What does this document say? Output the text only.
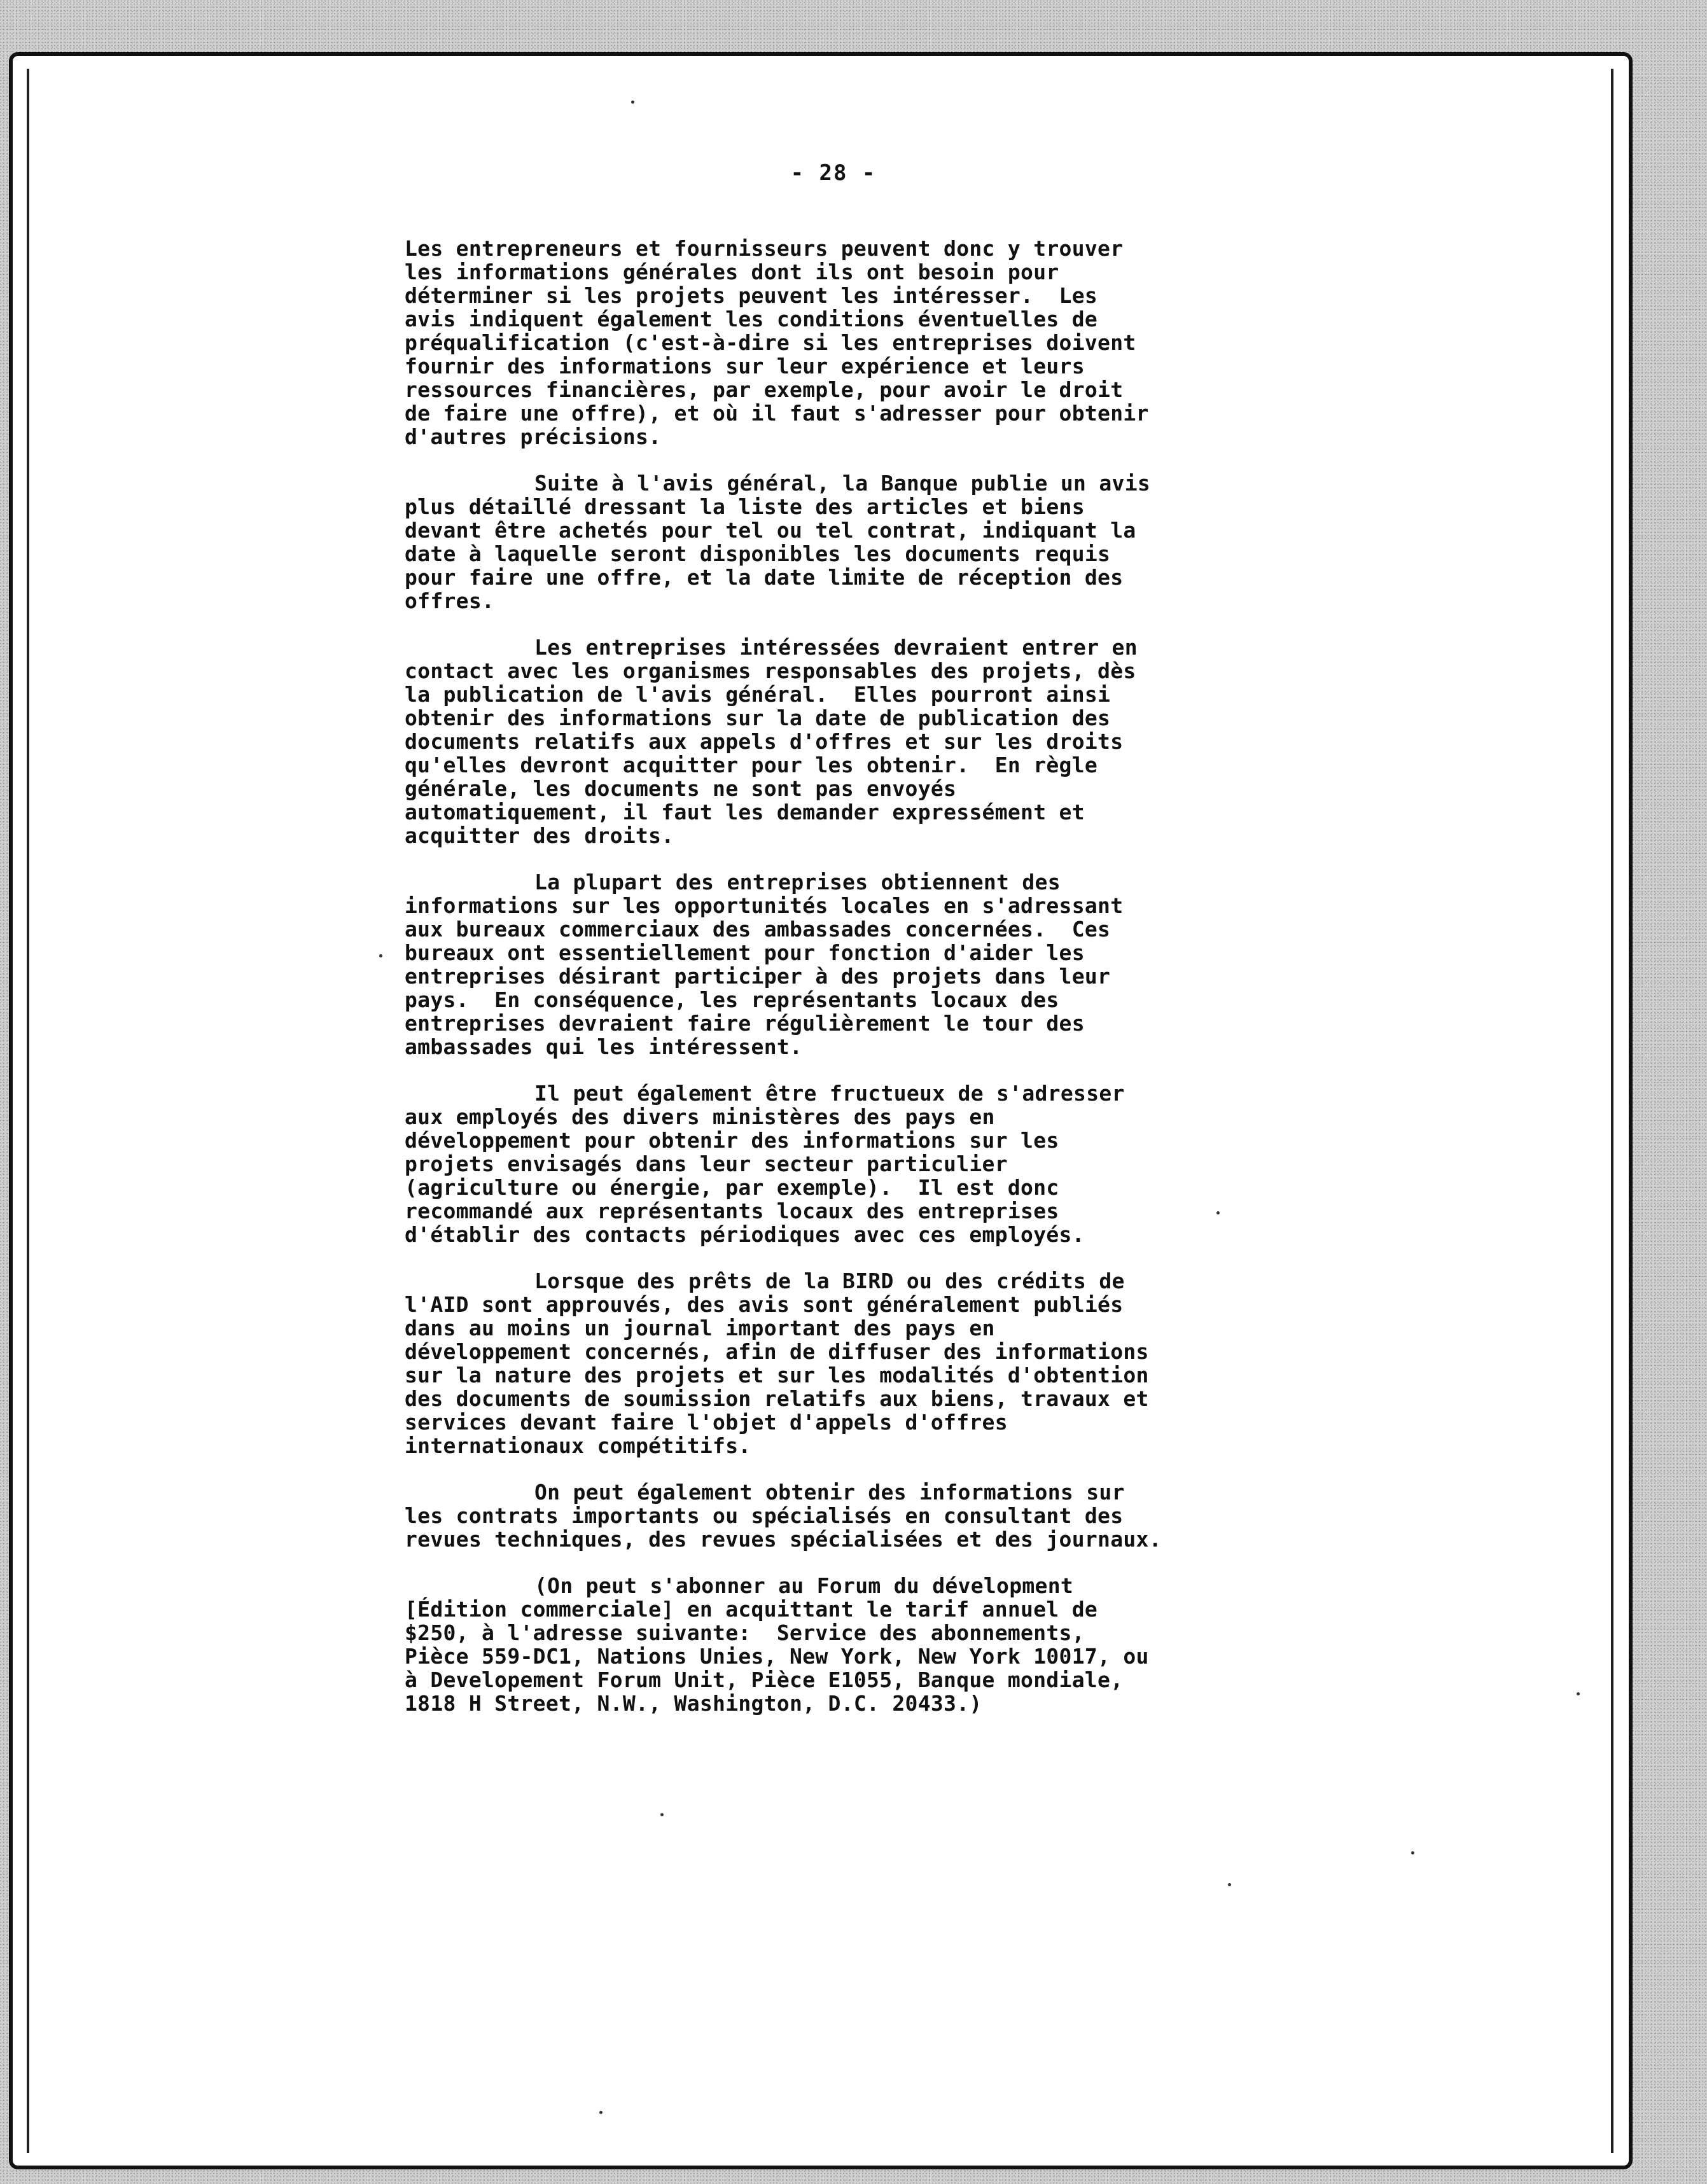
- 28 -
Les entrepreneurs et fournisseurs peuvent donc y trouver
les informations générales dont ils ont besoin pour
déterminer si les projets peuvent les intéresser.  Les
avis indiquent également les conditions éventuelles de
préqualification (c'est-à-dire si les entreprises doivent
fournir des informations sur leur expérience et leurs
ressources financières, par exemple, pour avoir le droit
de faire une offre), et où il faut s'adresser pour obtenir
d'autres précisions.
Suite à l'avis général, la Banque publie un avis
plus détaillé dressant la liste des articles et biens
devant être achetés pour tel ou tel contrat, indiquant la
date à laquelle seront disponibles les documents requis
pour faire une offre, et la date limite de réception des
offres.
Les entreprises intéressées devraient entrer en
contact avec les organismes responsables des projets, dès
la publication de l'avis général.  Elles pourront ainsi
obtenir des informations sur la date de publication des
documents relatifs aux appels d'offres et sur les droits
qu'elles devront acquitter pour les obtenir.  En règle
générale, les documents ne sont pas envoyés
automatiquement, il faut les demander expressément et
acquitter des droits.
La plupart des entreprises obtiennent des
informations sur les opportunités locales en s'adressant
aux bureaux commerciaux des ambassades concernées.  Ces
bureaux ont essentiellement pour fonction d'aider les
entreprises désirant participer à des projets dans leur
pays.  En conséquence, les représentants locaux des
entreprises devraient faire régulièrement le tour des
ambassades qui les intéressent.
Il peut également être fructueux de s'adresser
aux employés des divers ministères des pays en
développement pour obtenir des informations sur les
projets envisagés dans leur secteur particulier
(agriculture ou énergie, par exemple).  Il est donc
recommandé aux représentants locaux des entreprises
d'établir des contacts périodiques avec ces employés.
Lorsque des prêts de la BIRD ou des crédits de
l'AID sont approuvés, des avis sont généralement publiés
dans au moins un journal important des pays en
développement concernés, afin de diffuser des informations
sur la nature des projets et sur les modalités d'obtention
des documents de soumission relatifs aux biens, travaux et
services devant faire l'objet d'appels d'offres
internationaux compétitifs.
On peut également obtenir des informations sur
les contrats importants ou spécialisés en consultant des
revues techniques, des revues spécialisées et des journaux.
(On peut s'abonner au Forum du dévelopment
[Édition commerciale] en acquittant le tarif annuel de
$250, à l'adresse suivante:  Service des abonnements,
Pièce 559-DC1, Nations Unies, New York, New York 10017, ou
à Developement Forum Unit, Pièce E1055, Banque mondiale,
1818 H Street, N.W., Washington, D.C. 20433.)
